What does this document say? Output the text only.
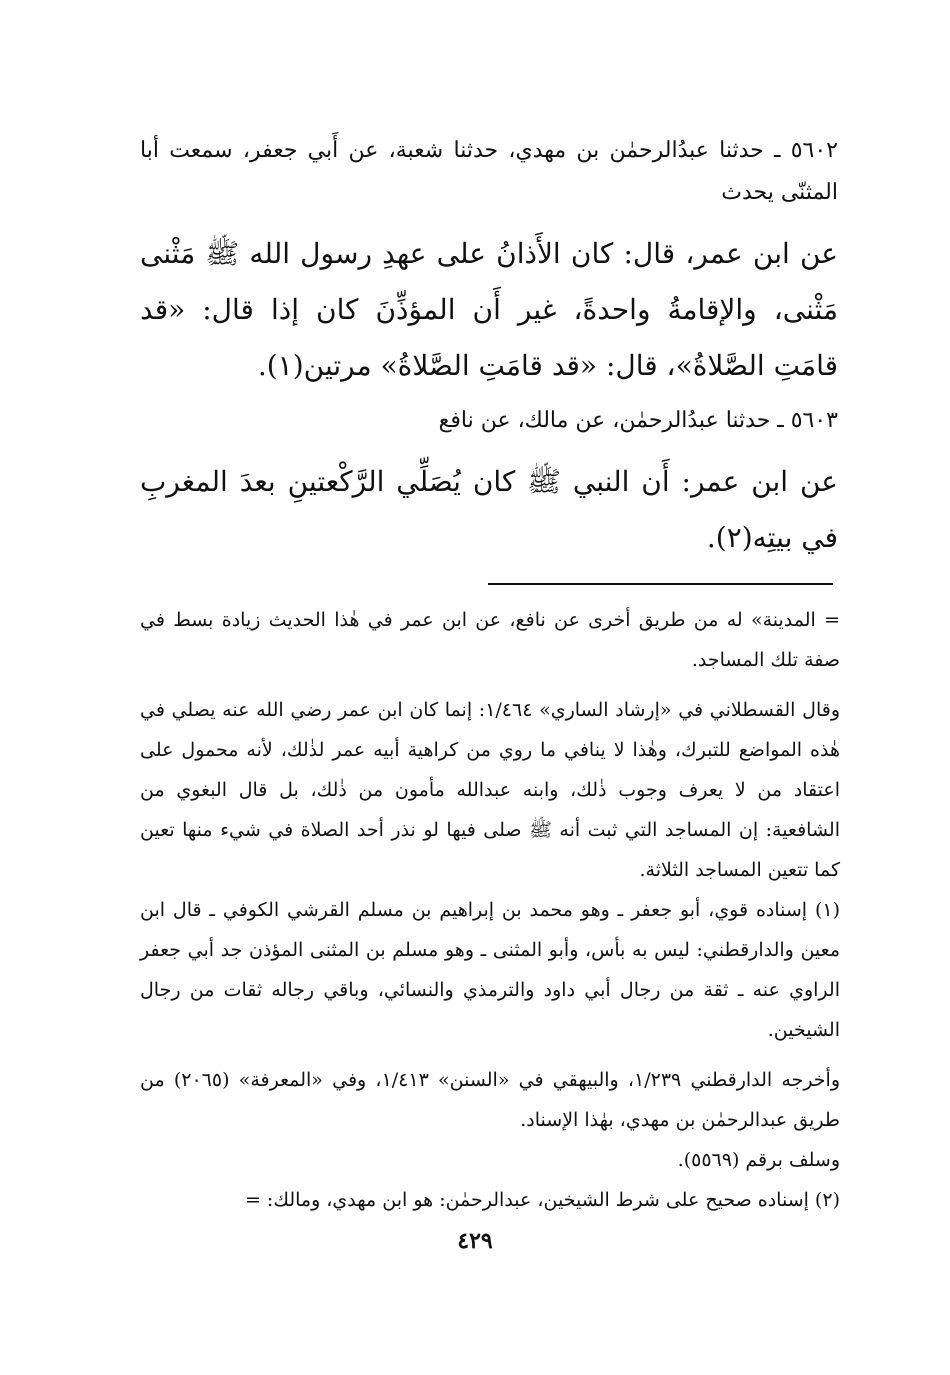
٥٦٠٢ ـ حدثنا عبدُالرحمٰن بن مهدي، حدثنا شعبة، عن أَبي جعفر، سمعت أبا المثنّى يحدث

عن ابن عمر، قال: كان الأَذانُ على عهدِ رسول الله ﷺ مَثْنى مَثْنى، والإقامةُ واحدةً، غير أَن المؤذِّنَ كان إذا قال: «قد قامَتِ الصَّلاةُ»، قال: «قد قامَتِ الصَّلاةُ» مرتين(١).

٥٦٠٣ ـ حدثنا عبدُالرحمٰن، عن مالك، عن نافع

عن ابن عمر: أَن النبي ﷺ كان يُصَلِّي الرَّكْعتينِ بعدَ المغربِ في بيتِه(٢).

= المدينة» له من طريق أخرى عن نافع، عن ابن عمر في هٰذا الحديث زيادة بسط في صفة تلك المساجد.

وقال القسطلاني في «إرشاد الساري» ١/٤٦٤: إنما كان ابن عمر رضي الله عنه يصلي في هٰذه المواضع للتبرك، وهٰذا لا ينافي ما روي من كراهية أبيه عمر لذٰلك، لأنه محمول على اعتقاد من لا يعرف وجوب ذٰلك، وابنه عبدالله مأمون من ذٰلك، بل قال البغوي من الشافعية: إن المساجد التي ثبت أنه ﷺ صلى فيها لو نذر أحد الصلاة في شيء منها تعين كما تتعين المساجد الثلاثة.

(١) إسناده قوي، أبو جعفر ـ وهو محمد بن إبراهيم بن مسلم القرشي الكوفي ـ قال ابن معين والدارقطني: ليس به بأس، وأبو المثنى ـ وهو مسلم بن المثنى المؤذن جد أبي جعفر الراوي عنه ـ ثقة من رجال أبي داود والترمذي والنسائي، وباقي رجاله ثقات من رجال الشيخين.

وأخرجه الدارقطني ١/٢٣٩، والبيهقي في «السنن» ١/٤١٣، وفي «المعرفة» (٢٠٦٥) من طريق عبدالرحمٰن بن مهدي، بهٰذا الإسناد.

وسلف برقم (٥٥٦٩).

(٢) إسناده صحيح على شرط الشيخين، عبدالرحمٰن: هو ابن مهدي، ومالك: =

٤٢٩
